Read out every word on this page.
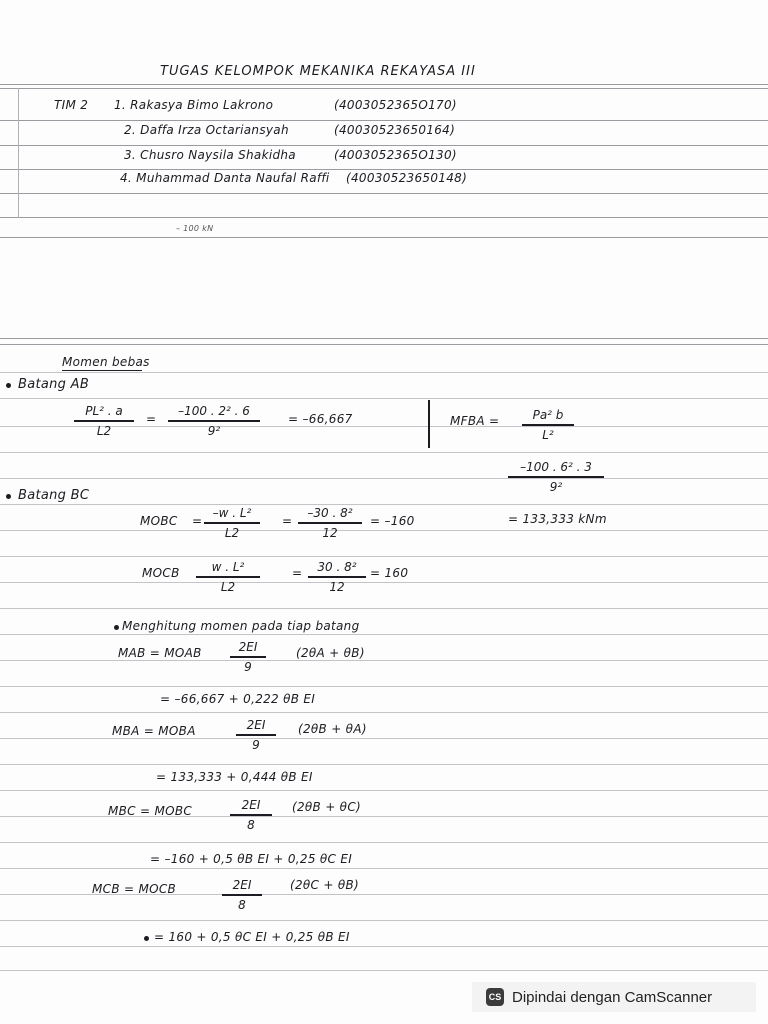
TUGAS KELOMPOK MEKANIKA REKAYASA III
TIM 2 1. Rakasya Bimo Lakrono	(4003052365O170)
2. Daffa Irza Octariansyah	(40030523650164)
3. Chusro Naysila Shakidha	(4003052365O130)
4. Muhammad Danta Naufal Raffi (40030523650148)
– 100 kN
Momen bebas
Batang AB
PL² . a
L2
=
–100 . 2² . 6
9²
= –66,667	MFBA =	Pa² b
L²
–100 . 6² . 3
9²
= 133,333 kNm
Batang BC
MOBC =
–w . L²
L2
=
–30 . 8²
12
= –160
MOCB	w . L²
L2
=	30 . 8²
12
= 160
Menghitung momen pada tiap batang
MAB = MOAB	2EI
9
(2θA + θB)
= –66,667 + 0,222 θB EI
MBA = MOBA	2EI
9
(2θB + θA)
= 133,333 + 0,444 θB EI
MBC = MOBC	2EI
8
(2θB + θC)
= –160 + 0,5 θB EI + 0,25 θC EI
MCB = MOCB	2EI
8
(2θC + θB)
= 160 + 0,5 θC EI + 0,25 θB EI
CS Dipindai dengan CamScanner
